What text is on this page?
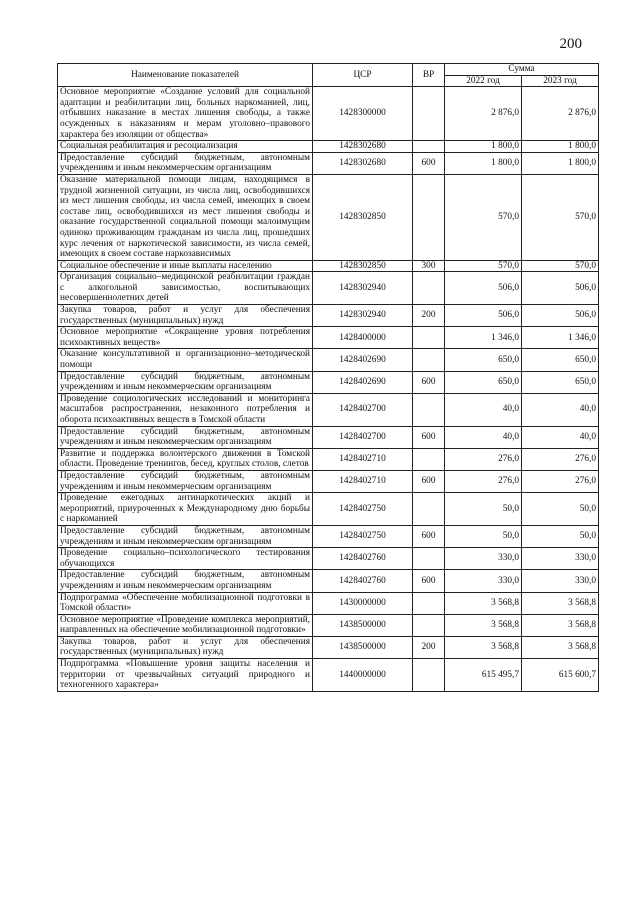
200
Наименование показателей	ЦСР	ВР	Сумма	
			2022 год	2023 год
Основное мероприятие «Создание условий для социальной адаптации и реабилитации лиц, больных наркоманией, лиц, отбывших наказание в местах лишения свободы, а также осужденных к наказаниям и мерам уголовно–правового характера без изоляции от общества»	1428300000		2 876,0	2 876,0
Социальная реабилитация и ресоциализация	1428302680		1 800,0	1 800,0
Предоставление субсидий бюджетным, автономным учреждениям и иным некоммерческим организациям	1428302680	600	1 800,0	1 800,0
Оказание материальной помощи лицам, находящимся в трудной жизненной ситуации, из числа лиц, освободившихся из мест лишения свободы, из числа семей, имеющих в своем составе лиц, освободившихся из мест лишения свободы и оказание государственной социальной помощи малоимущим одиноко проживающим гражданам из числа лиц, прошедших курс лечения от наркотической зависимости, из числа семей, имеющих в своем составе наркозависимых	1428302850		570,0	570,0
Социальное обеспечение и иные выплаты населению	1428302850	300	570,0	570,0
Организация социально–медицинской реабилитации граждан с алкогольной зависимостью, воспитывающих несовершеннолетних детей	1428302940		506,0	506,0
Закупка товаров, работ и услуг для обеспечения государственных (муниципальных) нужд	1428302940	200	506,0	506,0
Основное мероприятие «Сокращение уровня потребления психоактивных веществ»	1428400000		1 346,0	1 346,0
Оказание консультативной и организационно–методической помощи	1428402690		650,0	650,0
Предоставление субсидий бюджетным, автономным учреждениям и иным некоммерческим организациям	1428402690	600	650,0	650,0
Проведение социологических исследований и мониторинга масштабов распространения, незаконного потребления и оборота психоактивных веществ в Томской области	1428402700		40,0	40,0
Предоставление субсидий бюджетным, автономным учреждениям и иным некоммерческим организациям	1428402700	600	40,0	40,0
Развитие и поддержка волонтерского движения в Томской области. Проведение тренингов, бесед, круглых столов, слетов	1428402710		276,0	276,0
Предоставление субсидий бюджетным, автономным учреждениям и иным некоммерческим организациям	1428402710	600	276,0	276,0
Проведение ежегодных антинаркотических акций и мероприятий, приуроченных к Международному дню борьбы с наркоманией	1428402750		50,0	50,0
Предоставление субсидий бюджетным, автономным учреждениям и иным некоммерческим организациям	1428402750	600	50,0	50,0
Проведение социально–психологического тестирования обучающихся	1428402760		330,0	330,0
Предоставление субсидий бюджетным, автономным учреждениям и иным некоммерческим организациям	1428402760	600	330,0	330,0
Подпрограмма «Обеспечение мобилизационной подготовки в Томской области»	1430000000		3 568,8	3 568,8
Основное мероприятие «Проведение комплекса мероприятий, направленных на обеспечение мобилизационной подготовки»	1438500000		3 568,8	3 568,8
Закупка товаров, работ и услуг для обеспечения государственных (муниципальных) нужд	1438500000	200	3 568,8	3 568,8
Подпрограмма «Повышение уровня защиты населения и территории от чрезвычайных ситуаций природного и техногенного характера»	1440000000		615 495,7	615 600,7
